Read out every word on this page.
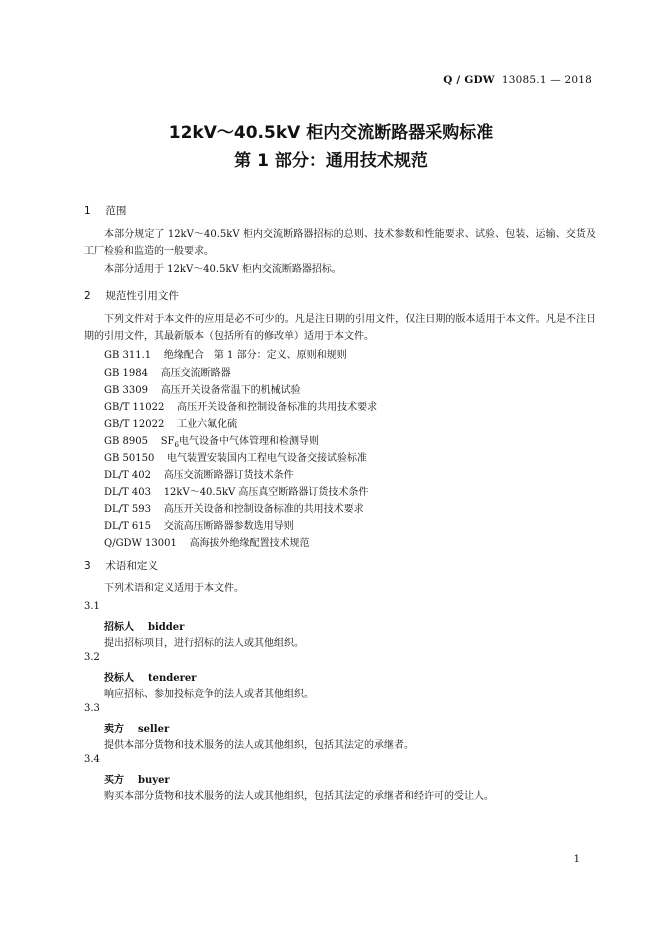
Q / GDW 13085.1 — 2018
12kV～40.5kV 柜内交流断路器采购标准
第 1 部分：通用技术规范
1 范围
本部分规定了 12kV～40.5kV 柜内交流断路器招标的总则、技术参数和性能要求、试验、包装、运输、交货及工厂检验和监造的一般要求。
本部分适用于 12kV～40.5kV 柜内交流断路器招标。
2 规范性引用文件
下列文件对于本文件的应用是必不可少的。凡是注日期的引用文件，仅注日期的版本适用于本文件。凡是不注日期的引用文件，其最新版本（包括所有的修改单）适用于本文件。
GB 311.1 绝缘配合　第 1 部分：定义、原则和规则
GB 1984 高压交流断路器
GB 3309 高压开关设备常温下的机械试验
GB/T 11022 高压开关设备和控制设备标准的共用技术要求
GB/T 12022 工业六氟化硫
GB 8905 $SF_6$电气设备中气体管理和检测导则
GB 50150 电气装置安装国内工程电气设备交接试验标准
DL/T 402 高压交流断路器订货技术条件
DL/T 403 12kV～40.5kV 高压真空断路器订货技术条件
DL/T 593 高压开关设备和控制设备标准的共用技术要求
DL/T 615 交流高压断路器参数选用导则
Q/GDW 13001 高海拔外绝缘配置技术规范
3 术语和定义
下列术语和定义适用于本文件。
3.1
招标人 bidder
提出招标项目，进行招标的法人或其他组织。
3.2
投标人 tenderer
响应招标、参加投标竞争的法人或者其他组织。
3.3
卖方 seller
提供本部分货物和技术服务的法人或其他组织，包括其法定的承继者。
3.4
买方 buyer
购买本部分货物和技术服务的法人或其他组织，包括其法定的承继者和经许可的受让人。
1
